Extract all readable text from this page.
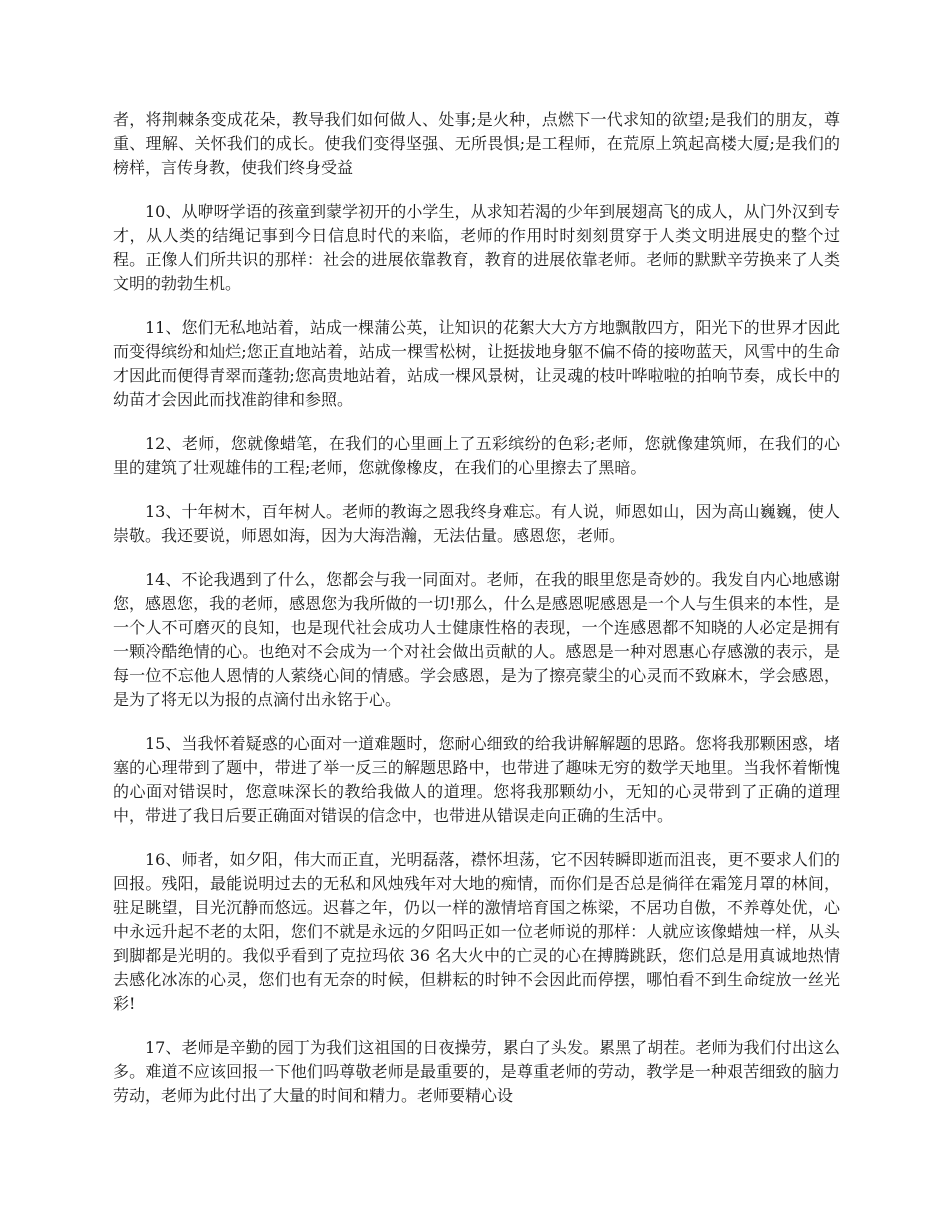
者，将荆棘条变成花朵，教导我们如何做人、处事;是火种，点燃下一代求知的欲望;是我们的朋友，尊重、理解、关怀我们的成长。使我们变得坚强、无所畏惧;是工程师，在荒原上筑起高楼大厦;是我们的榜样，言传身教，使我们终身受益

10、从咿呀学语的孩童到蒙学初开的小学生，从求知若渴的少年到展翅高飞的成人，从门外汉到专才，从人类的结绳记事到今日信息时代的来临，老师的作用时时刻刻贯穿于人类文明进展史的整个过程。正像人们所共识的那样：社会的进展依靠教育，教育的进展依靠老师。老师的默默辛劳换来了人类文明的勃勃生机。

11、您们无私地站着，站成一棵蒲公英，让知识的花絮大大方方地飘散四方，阳光下的世界才因此而变得缤纷和灿烂;您正直地站着，站成一棵雪松树，让挺拔地身躯不偏不倚的接吻蓝天，风雪中的生命才因此而便得青翠而蓬勃;您高贵地站着，站成一棵风景树，让灵魂的枝叶哗啦啦的拍响节奏，成长中的幼苗才会因此而找准韵律和参照。

12、老师，您就像蜡笔，在我们的心里画上了五彩缤纷的色彩;老师，您就像建筑师，在我们的心里的建筑了壮观雄伟的工程;老师，您就像橡皮，在我们的心里擦去了黑暗。

13、十年树木，百年树人。老师的教诲之恩我终身难忘。有人说，师恩如山，因为高山巍巍，使人崇敬。我还要说，师恩如海，因为大海浩瀚，无法估量。感恩您，老师。

14、不论我遇到了什么，您都会与我一同面对。老师，在我的眼里您是奇妙的。我发自内心地感谢您，感恩您，我的老师，感恩您为我所做的一切!那么，什么是感恩呢感恩是一个人与生俱来的本性，是一个人不可磨灭的良知，也是现代社会成功人士健康性格的表现，一个连感恩都不知晓的人必定是拥有一颗冷酷绝情的心。也绝对不会成为一个对社会做出贡献的人。感恩是一种对恩惠心存感激的表示，是每一位不忘他人恩情的人萦绕心间的情感。学会感恩，是为了擦亮蒙尘的心灵而不致麻木，学会感恩，是为了将无以为报的点滴付出永铭于心。

15、当我怀着疑惑的心面对一道难题时，您耐心细致的给我讲解解题的思路。您将我那颗困惑，堵塞的心理带到了题中，带进了举一反三的解题思路中，也带进了趣味无穷的数学天地里。当我怀着惭愧的心面对错误时，您意味深长的教给我做人的道理。您将我那颗幼小，无知的心灵带到了正确的道理中，带进了我日后要正确面对错误的信念中，也带进从错误走向正确的生活中。

16、师者，如夕阳，伟大而正直，光明磊落，襟怀坦荡，它不因转瞬即逝而沮丧，更不要求人们的回报。残阳，最能说明过去的无私和风烛残年对大地的痴情，而你们是否总是徜徉在霜笼月罩的林间，驻足眺望，目光沉静而悠远。迟暮之年，仍以一样的激情培育国之栋梁，不居功自傲，不养尊处优，心中永远升起不老的太阳，您们不就是永远的夕阳吗正如一位老师说的那样：人就应该像蜡烛一样，从头到脚都是光明的。我似乎看到了克拉玛依 36 名大火中的亡灵的心在搏腾跳跃，您们总是用真诚地热情去感化冰冻的心灵，您们也有无奈的时候，但耕耘的时钟不会因此而停摆，哪怕看不到生命绽放一丝光彩!

17、老师是辛勤的园丁为我们这祖国的日夜操劳，累白了头发。累黑了胡茬。老师为我们付出这么多。难道不应该回报一下他们吗尊敬老师是最重要的，是尊重老师的劳动，教学是一种艰苦细致的脑力劳动，老师为此付出了大量的时间和精力。老师要精心设
